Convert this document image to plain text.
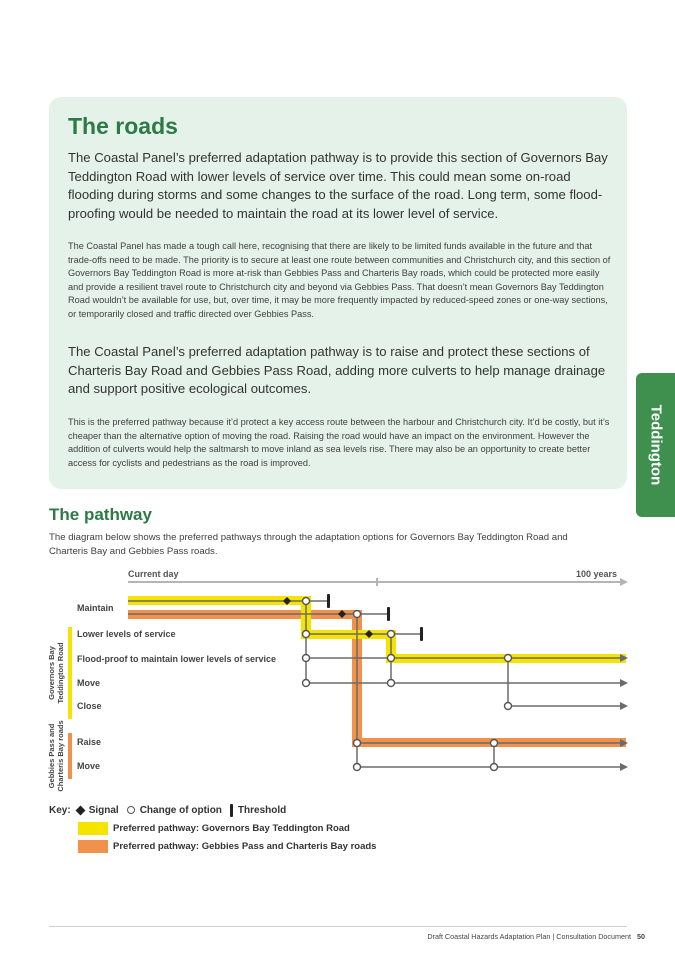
The roads

The Coastal Panel’s preferred adaptation pathway is to provide this section of Governors Bay Teddington Road with lower levels of service over time. This could mean some on-road flooding during storms and some changes to the surface of the road. Long term, some flood-proofing would be needed to maintain the road at its lower level of service.

The Coastal Panel has made a tough call here, recognising that there are likely to be limited funds available in the future and that trade-offs need to be made. The priority is to secure at least one route between communities and Christchurch city, and this section of Governors Bay Teddington Road is more at-risk than Gebbies Pass and Charteris Bay roads, which could be protected more easily and provide a resilient travel route to Christchurch city and beyond via Gebbies Pass. That doesn’t mean Governors Bay Teddington Road wouldn’t be available for use, but, over time, it may be more frequently impacted by reduced-speed zones or one-way sections, or temporarily closed and traffic directed over Gebbies Pass.

The Coastal Panel’s preferred adaptation pathway is to raise and protect these sections of Charteris Bay Road and Gebbies Pass Road, adding more culverts to help manage drainage and support positive ecological outcomes.

This is the preferred pathway because it’d protect a key access route between the harbour and Christchurch city. It’d be costly, but it’s cheaper than the alternative option of moving the road. Raising the road would have an impact on the environment. However the addition of culverts would help the saltmarsh to move inland as sea levels rise. There may also be an opportunity to create better access for cyclists and pedestrians as the road is improved.	Teddington
The pathway

The diagram below shows the preferred pathways through the adaptation options for Governors Bay Teddington Road and Charteris Bay and Gebbies Pass roads.

Current day	100 years
Governors Bay Teddington Road
Gebbies Pass and Charteris Bay roads
Maintain
Lower levels of service
Flood-proof to maintain lower levels of service
Move
Close
Raise
Move
Key: Signal Change of option Threshold
Preferred pathway: Governors Bay Teddington Road
Preferred pathway: Gebbies Pass and Charteris Bay roads
Draft Coastal Hazards Adaptation Plan | Consultation Document 50
